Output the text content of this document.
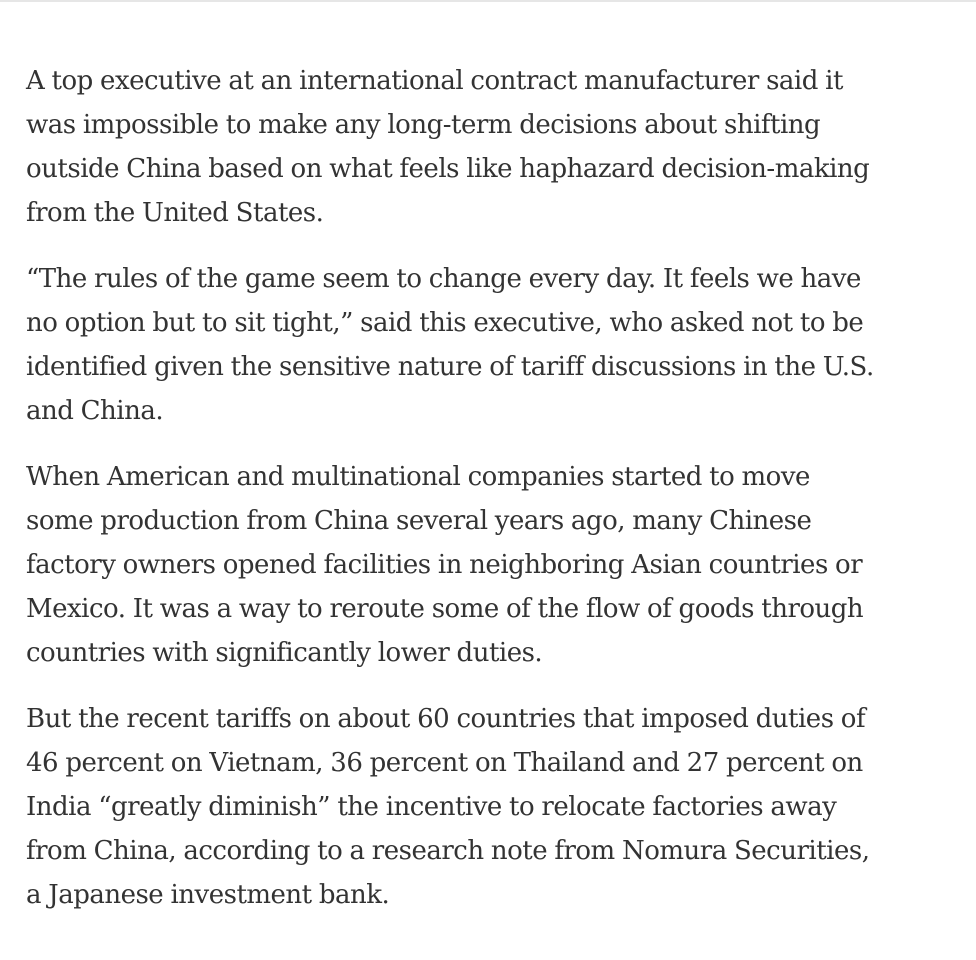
A top executive at an international contract manufacturer said it
was impossible to make any long-term decisions about shifting
outside China based on what feels like haphazard decision-making
from the United States.

“The rules of the game seem to change every day. It feels we have
no option but to sit tight,” said this executive, who asked not to be
identified given the sensitive nature of tariff discussions in the U.S.
and China.

When American and multinational companies started to move
some production from China several years ago, many Chinese
factory owners opened facilities in neighboring Asian countries or
Mexico. It was a way to reroute some of the flow of goods through
countries with significantly lower duties.

But the recent tariffs on about 60 countries that imposed duties of
46 percent on Vietnam, 36 percent on Thailand and 27 percent on
India “greatly diminish” the incentive to relocate factories away
from China, according to a research note from Nomura Securities,
a Japanese investment bank.
